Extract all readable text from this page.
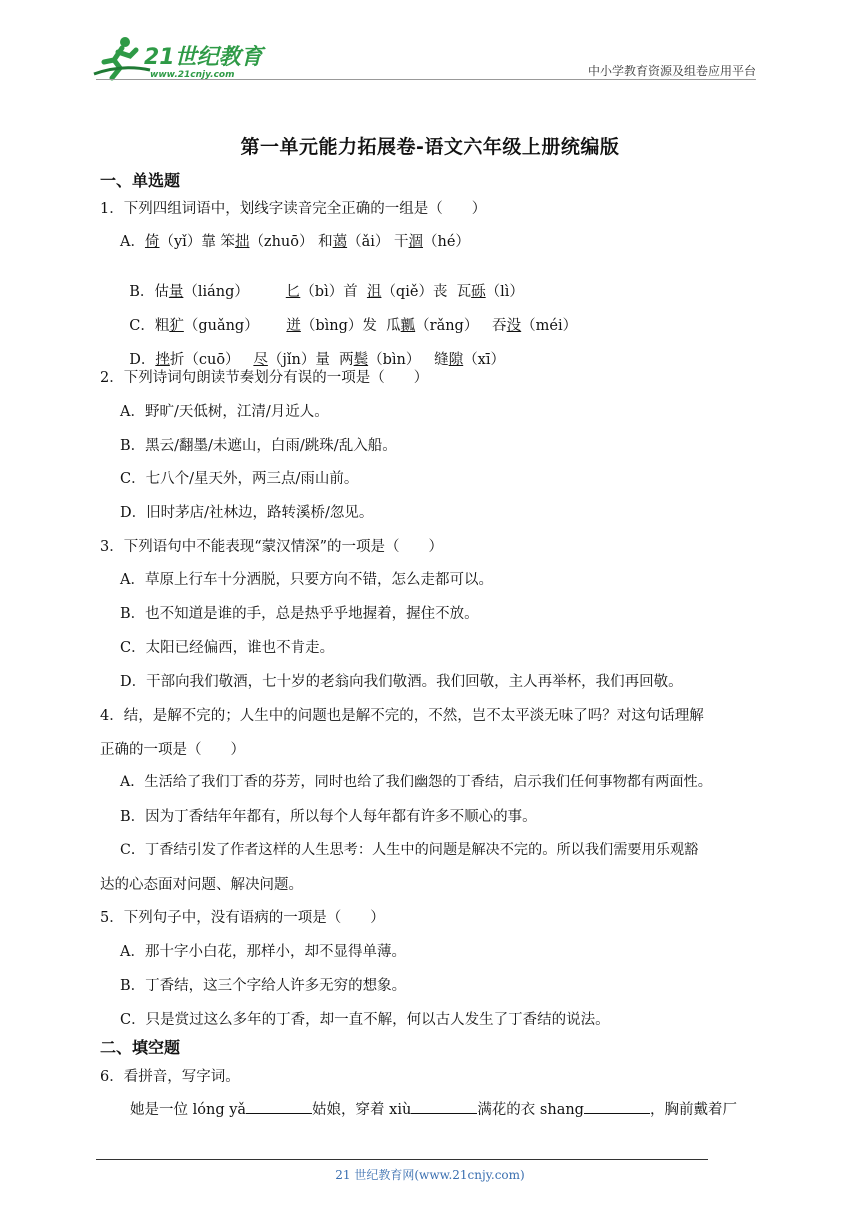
21世纪教育
www.21cnjy.com	中小学教育资源及组卷应用平台
第一单元能力拓展卷-语文六年级上册统编版
一、单选题
1．下列四组词语中，划线字读音完全正确的一组是（　　）
A．倚（yǐ）靠 笨拙（zhuō） 和蔼（ǎi） 干涸（hé）

B．估量（liáng）        匕（bì）首  沮（qiě）丧  瓦砾（lì）

C．粗犷（guǎng）      迸（bìng）发  瓜瓤（rǎng）   吞没（méi）

D．挫折（cuō）   尽（jǐn）量  两鬓（bìn）   缝隙（xī）

2．下列诗词句朗读节奏划分有误的一项是（　　）
A．野旷/天低树，江清/月近人。
B．黑云/翻墨/未遮山，白雨/跳珠/乱入船。
C．七八个/星天外，两三点/雨山前。
D．旧时茅店/社林边，路转溪桥/忽见。
3．下列语句中不能表现“蒙汉情深”的一项是（　　）
A．草原上行车十分洒脱，只要方向不错，怎么走都可以。
B．也不知道是谁的手，总是热乎乎地握着，握住不放。
C．太阳已经偏西，谁也不肯走。
D．干部向我们敬酒，七十岁的老翁向我们敬酒。我们回敬，主人再举杯，我们再回敬。
4．结，是解不完的；人生中的问题也是解不完的，不然，岂不太平淡无味了吗？对这句话理解
正确的一项是（　　）
A．生活给了我们丁香的芬芳，同时也给了我们幽怨的丁香结，启示我们任何事物都有两面性。
B．因为丁香结年年都有，所以每个人每年都有许多不顺心的事。
C．丁香结引发了作者这样的人生思考：人生中的问题是解决不完的。所以我们需要用乐观豁
达的心态面对问题、解决问题。
5．下列句子中，没有语病的一项是（　　）
A．那十字小白花，那样小，却不显得单薄。
B．丁香结，这三个字给人许多无穷的想象。
C．只是赏过这么多年的丁香，却一直不解，何以古人发生了丁香结的说法。
二、填空题
6．看拼音，写字词。
她是一位 lóng yǎ	姑娘，穿着 xiù	满花的衣 shang	，胸前戴着厂
21 世纪教育网(www.21cnjy.com)
